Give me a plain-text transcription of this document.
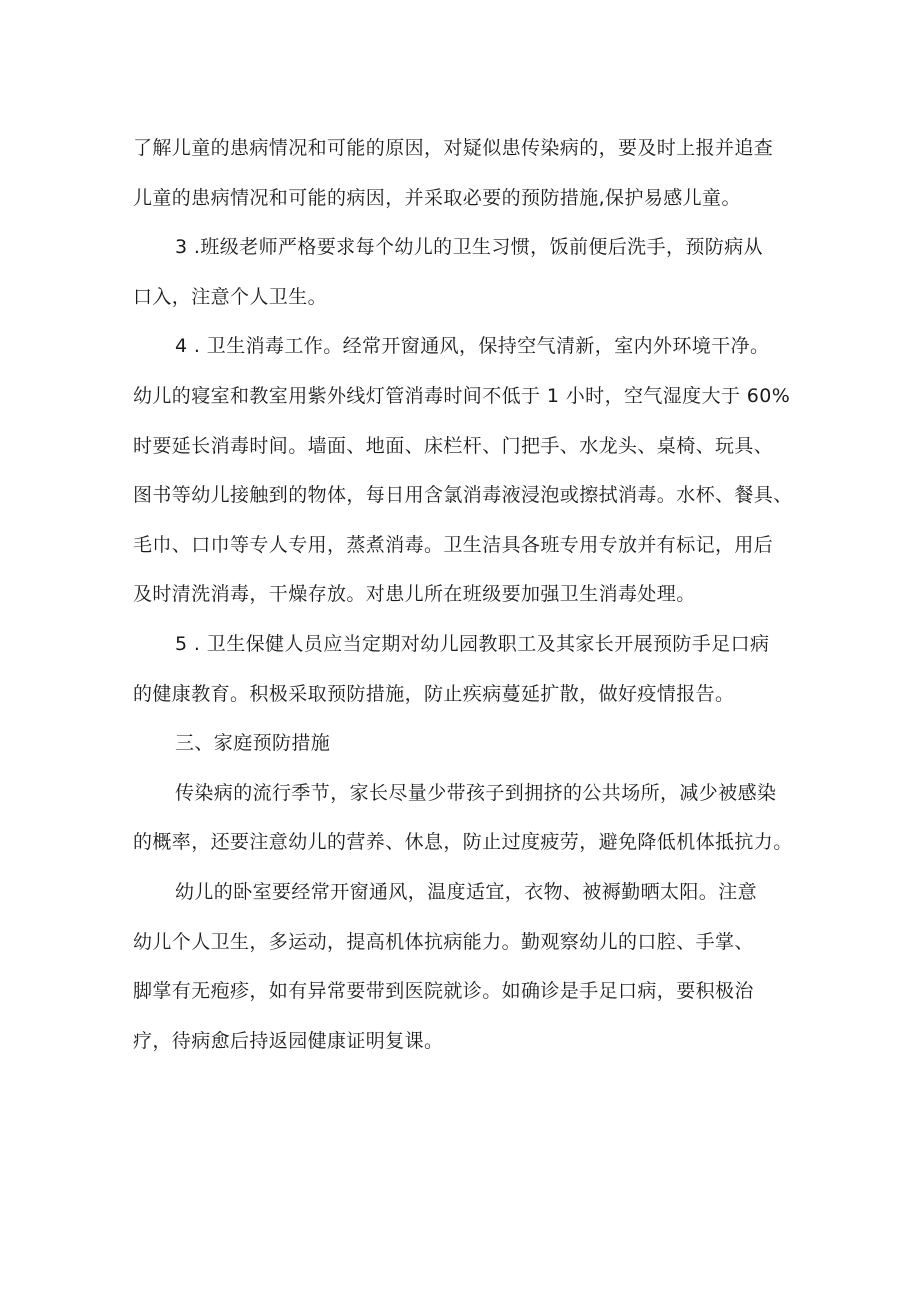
了解儿童的患病情况和可能的原因，对疑似患传染病的，要及时上报并追查
儿童的患病情况和可能的病因，并采取必要的预防措施,保护易感儿童。
3 .班级老师严格要求每个幼儿的卫生习惯，饭前便后洗手，预防病从
口入，注意个人卫生。
4 . 卫生消毒工作。经常开窗通风，保持空气清新，室内外环境干净。
幼儿的寝室和教室用紫外线灯管消毒时间不低于 1 小时，空气湿度大于 60%
时要延长消毒时间。墙面、地面、床栏杆、门把手、水龙头、桌椅、玩具、
图书等幼儿接触到的物体，每日用含氯消毒液浸泡或擦拭消毒。水杯、餐具、
毛巾、口巾等专人专用，蒸煮消毒。卫生洁具各班专用专放并有标记，用后
及时清洗消毒，干燥存放。对患儿所在班级要加强卫生消毒处理。
5 . 卫生保健人员应当定期对幼儿园教职工及其家长开展预防手足口病
的健康教育。积极采取预防措施，防止疾病蔓延扩散，做好疫情报告。
三、家庭预防措施
传染病的流行季节，家长尽量少带孩子到拥挤的公共场所，减少被感染
的概率，还要注意幼儿的营养、休息，防止过度疲劳，避免降低机体抵抗力。
幼儿的卧室要经常开窗通风，温度适宜，衣物、被褥勤晒太阳。注意
幼儿个人卫生，多运动，提高机体抗病能力。勤观察幼儿的口腔、手掌、
脚掌有无疱疹，如有异常要带到医院就诊。如确诊是手足口病，要积极治
疗，待病愈后持返园健康证明复课。
